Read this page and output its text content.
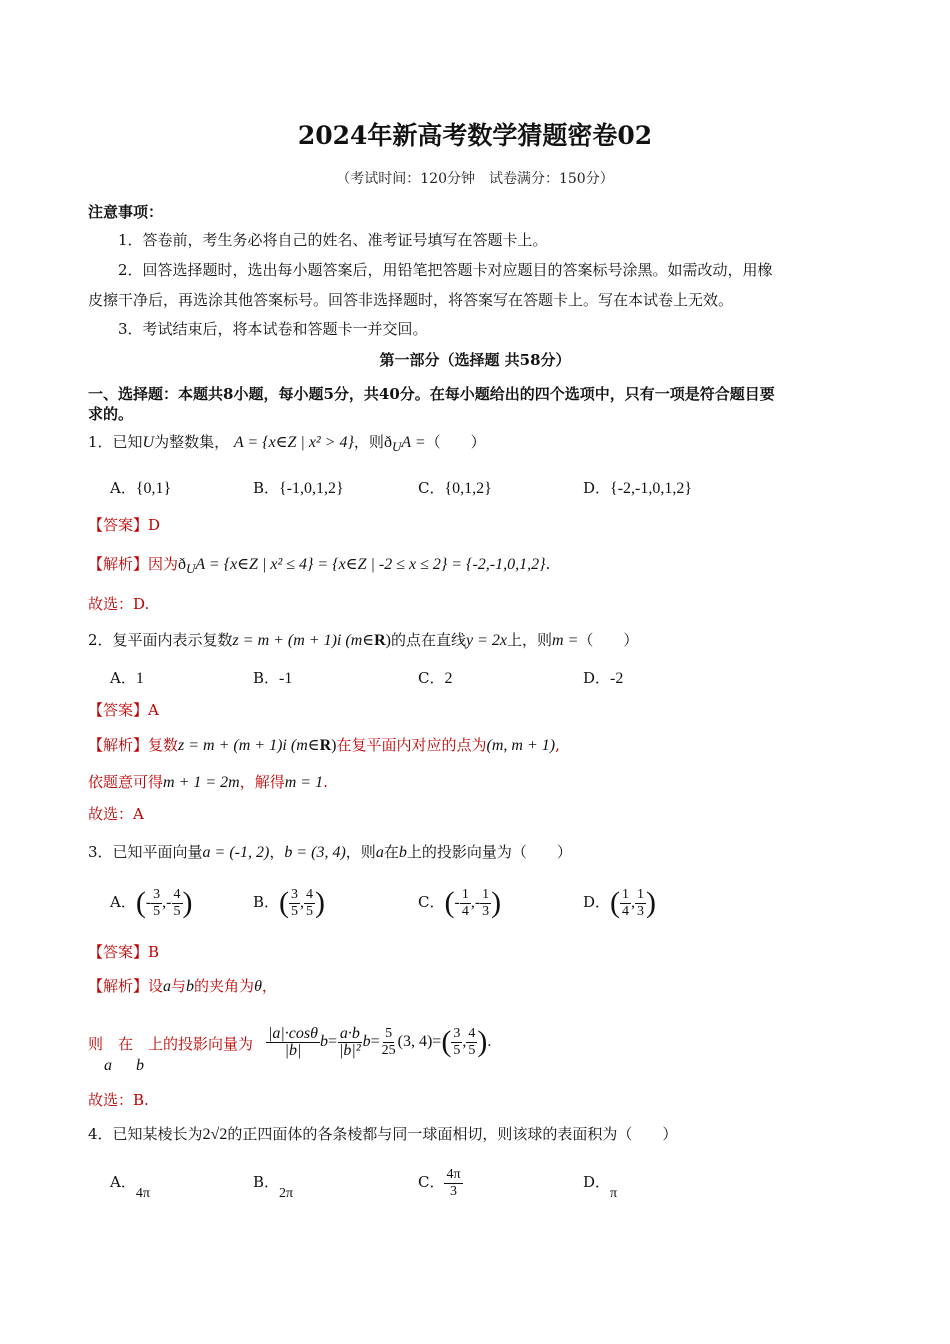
2024年新高考数学猜题密卷02
（考试时间：120分钟　试卷满分：150分）
注意事项：
1．答卷前，考生务必将自己的姓名、准考证号填写在答题卡上。
2．回答选择题时，选出每小题答案后，用铅笔把答题卡对应题目的答案标号涂黑。如需改动，用橡
皮擦干净后，再选涂其他答案标号。回答非选择题时，将答案写在答题卡上。写在本试卷上无效。
3．考试结束后，将本试卷和答题卡一并交回。
第一部分（选择题 共58分）
一、选择题：本题共8小题，每小题5分，共40分。在每小题给出的四个选项中，只有一项是符合题目要
求的。
1．已知U为整数集， A = {x∈Z | x² > 4}，则$ð_UA$ =（　　）
A．{0,1}	B．{-1,0,1,2}	C．{0,1,2}	D．{-2,-1,0,1,2}
【答案】D
【解析】因为$ð_UA$ = {x∈Z | x² ≤ 4} = {x∈Z | -2 ≤ x ≤ 2} = {-2,-1,0,1,2}.
故选：D.
2．复平面内表示复数z = m + (m + 1)i (m∈R)的点在直线y = 2x上，则m =（　　）
A．1	B．-1	C．2	D．-2
【答案】A
【解析】复数z = m + (m + 1)i (m∈R)在复平面内对应的点为(m, m + 1),
依题意可得m + 1 = 2m，解得m = 1.
故选：A
3．已知平面向量a = (-1, 2)，b = (3, 4)，则a在b上的投影向量为（　　）
A．(- $\frac{3}{5}$ ,- $\frac{4}{5}$ )	B．( $\frac{3}{5}$ , $\frac{4}{5}$ )	C．(- $\frac{1}{4}$ ,- $\frac{1}{3}$ )	D．( $\frac{1}{4}$ , $\frac{1}{3}$ )
【答案】B
【解析】设a与b的夹角为θ，
则　在　上的投影向量为
a b
$\frac{|a|\cdot\cos\theta}{|b|} b= \frac{a\cdot b}{\text{|b|²}} b= \frac{5}{25} (3$, $4)=( \frac{3}{5}$ , $\frac{4}{5}$ ).
故选：B.
4．已知某棱长为2√2的正四面体的各条棱都与同一球面相切，则该球的表面积为（　　）
A．4π
B．2π
C． $\frac{4\pi}{3}$	D．π
